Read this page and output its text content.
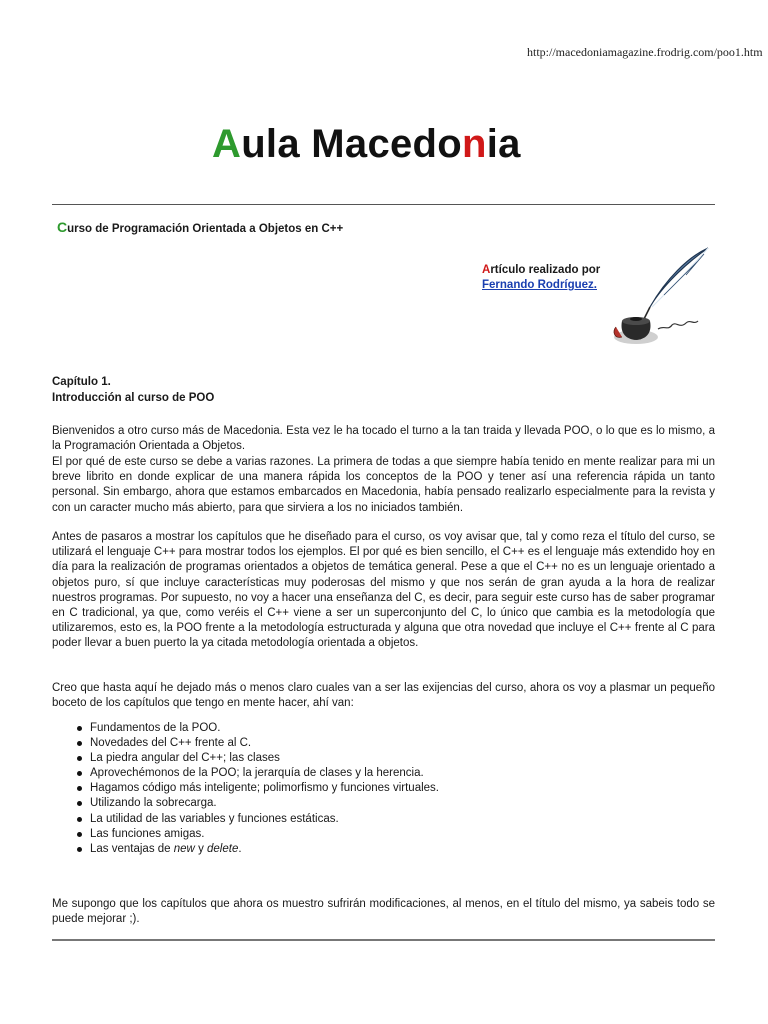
http://macedoniamagazine.frodrig.com/poo1.htm
Aula Macedonia
Curso de Programación Orientada a Objetos en C++
Artículo realizado por
Fernando Rodríguez.
Capítulo 1.
Introducción al curso de POO

Bienvenidos a otro curso más de Macedonia. Esta vez le ha tocado el turno a la tan traida y llevada POO, o lo que es lo mismo, a la Programación Orientada a Objetos.

El por qué de este curso se debe a varias razones. La primera de todas a que siempre había tenido en mente realizar para mi un breve librito en donde explicar de una manera rápida los conceptos de la POO y tener así una referencia rápida un tanto personal. Sin embargo, ahora que estamos embarcados en Macedonia, había pensado realizarlo especialmente para la revista y con un caracter mucho más abierto, para que sirviera a los no iniciados también.

Antes de pasaros a mostrar los capítulos que he diseñado para el curso, os voy avisar que, tal y como reza el título del curso, se utilizará el lenguaje C++ para mostrar todos los ejemplos. El por qué es bien sencillo, el C++ es el lenguaje más extendido hoy en día para la realización de programas orientados a objetos de temática general. Pese a que el C++ no es un lenguaje orientado a objetos puro, sí que incluye características muy poderosas del mismo y que nos serán de gran ayuda a la hora de realizar nuestros programas. Por supuesto, no voy a hacer una enseñanza del C, es decir, para seguir este curso has de saber programar en C tradicional, ya que, como veréis el C++ viene a ser un superconjunto del C, lo único que cambia es la metodología que utilizaremos, esto es, la POO frente a la metodología estructurada y alguna que otra novedad que incluye el C++ frente al C para poder llevar a buen puerto la ya citada metodología orientada a objetos.

Creo que hasta aquí he dejado más o menos claro cuales van a ser las exijencias del curso, ahora os voy a plasmar un pequeño boceto de los capítulos que tengo en mente hacer, ahí van:

Fundamentos de la POO.
Novedades del C++ frente al C.
La piedra angular del C++; las clases
Aprovechémonos de la POO; la jerarquía de clases y la herencia.
Hagamos código más inteligente; polimorfismo y funciones virtuales.
Utilizando la sobrecarga.
La utilidad de las variables y funciones estáticas.
Las funciones amigas.
Las ventajas de new y delete.

Me supongo que los capítulos que ahora os muestro sufrirán modificaciones, al menos, en el título del mismo, ya sabeis todo se puede mejorar ;).
